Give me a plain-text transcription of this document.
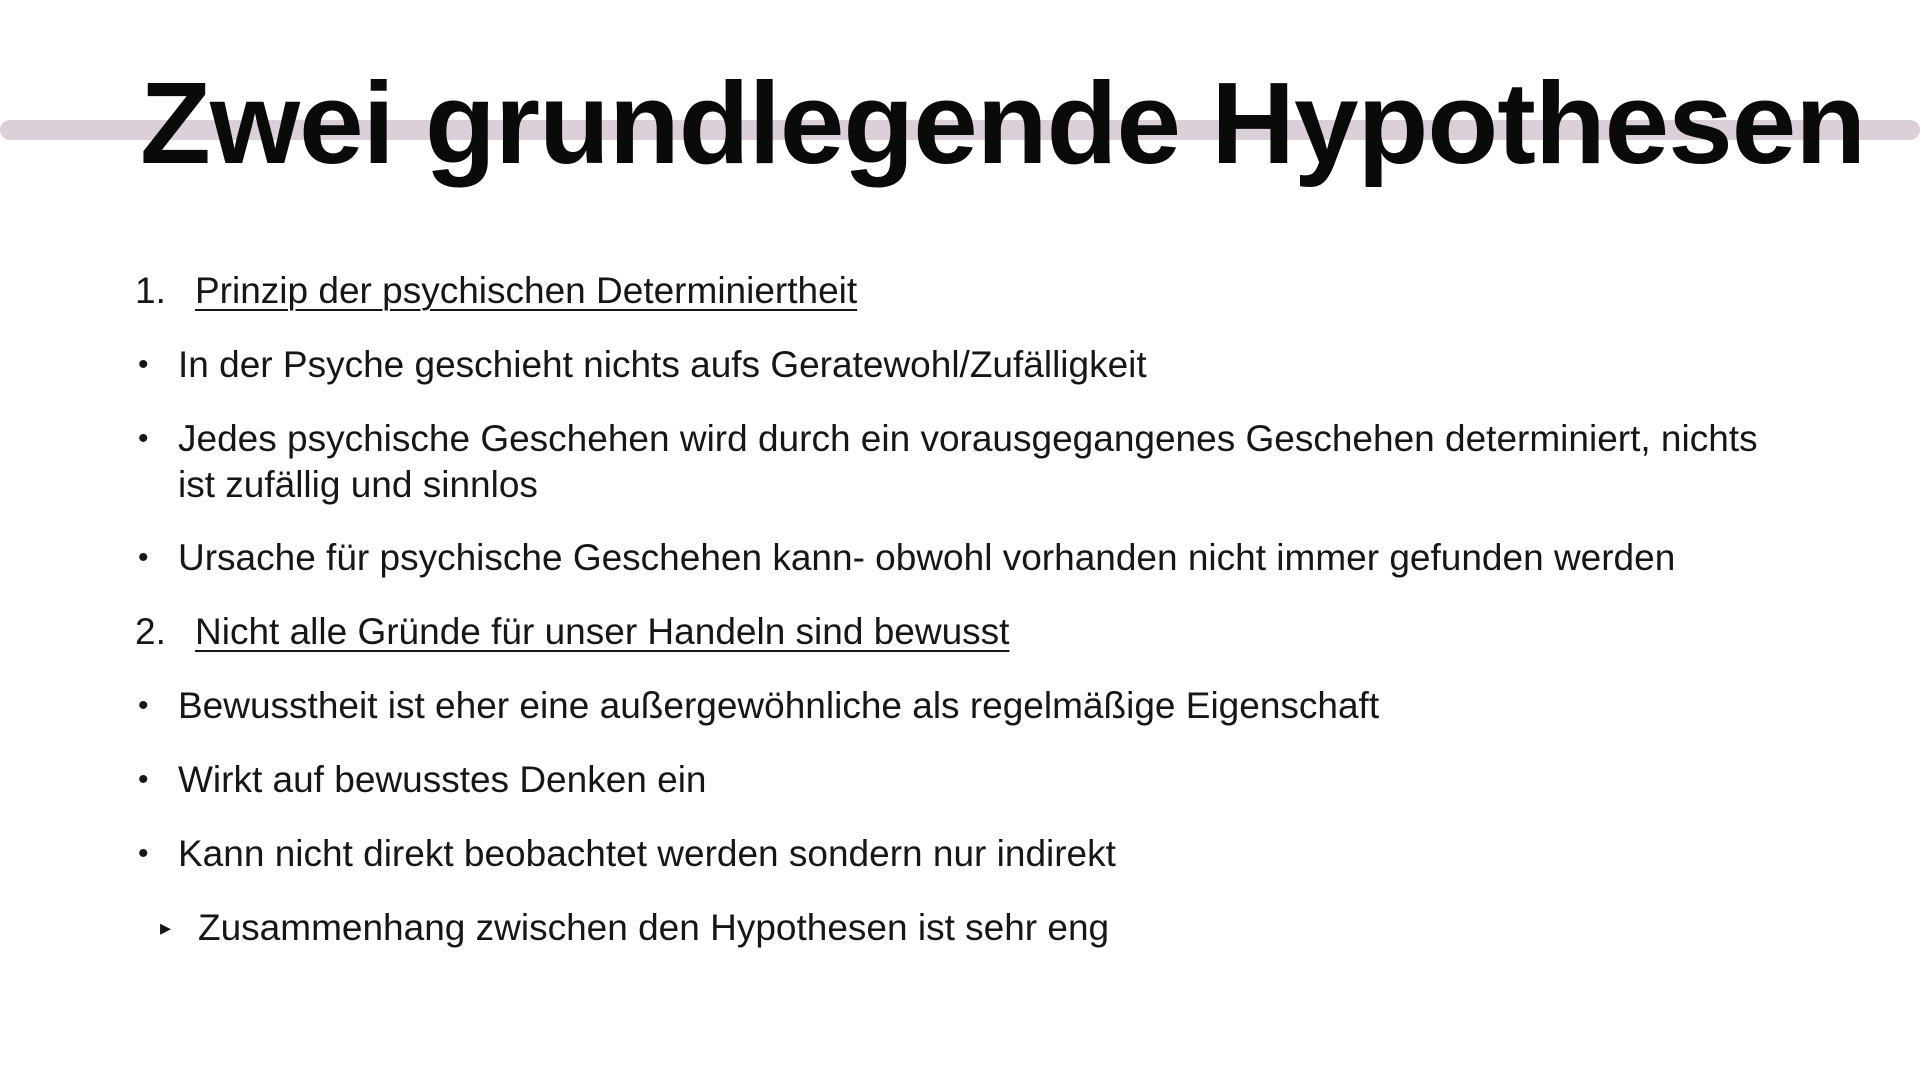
Zwei grundlegende Hypothesen
1. Prinzip der psychischen Determiniertheit
• In der Psyche geschieht nichts aufs Geratewohl/Zufälligkeit
• Jedes psychische Geschehen wird durch ein vorausgegangenes Geschehen determiniert, nichts ist zufällig und sinnlos
• Ursache für psychische Geschehen kann- obwohl vorhanden nicht immer gefunden werden
2. Nicht alle Gründe für unser Handeln sind bewusst
• Bewusstheit ist eher eine außergewöhnliche als regelmäßige Eigenschaft
• Wirkt auf bewusstes Denken ein
• Kann nicht direkt beobachtet werden sondern nur indirekt
▸ Zusammenhang zwischen den Hypothesen ist sehr eng
